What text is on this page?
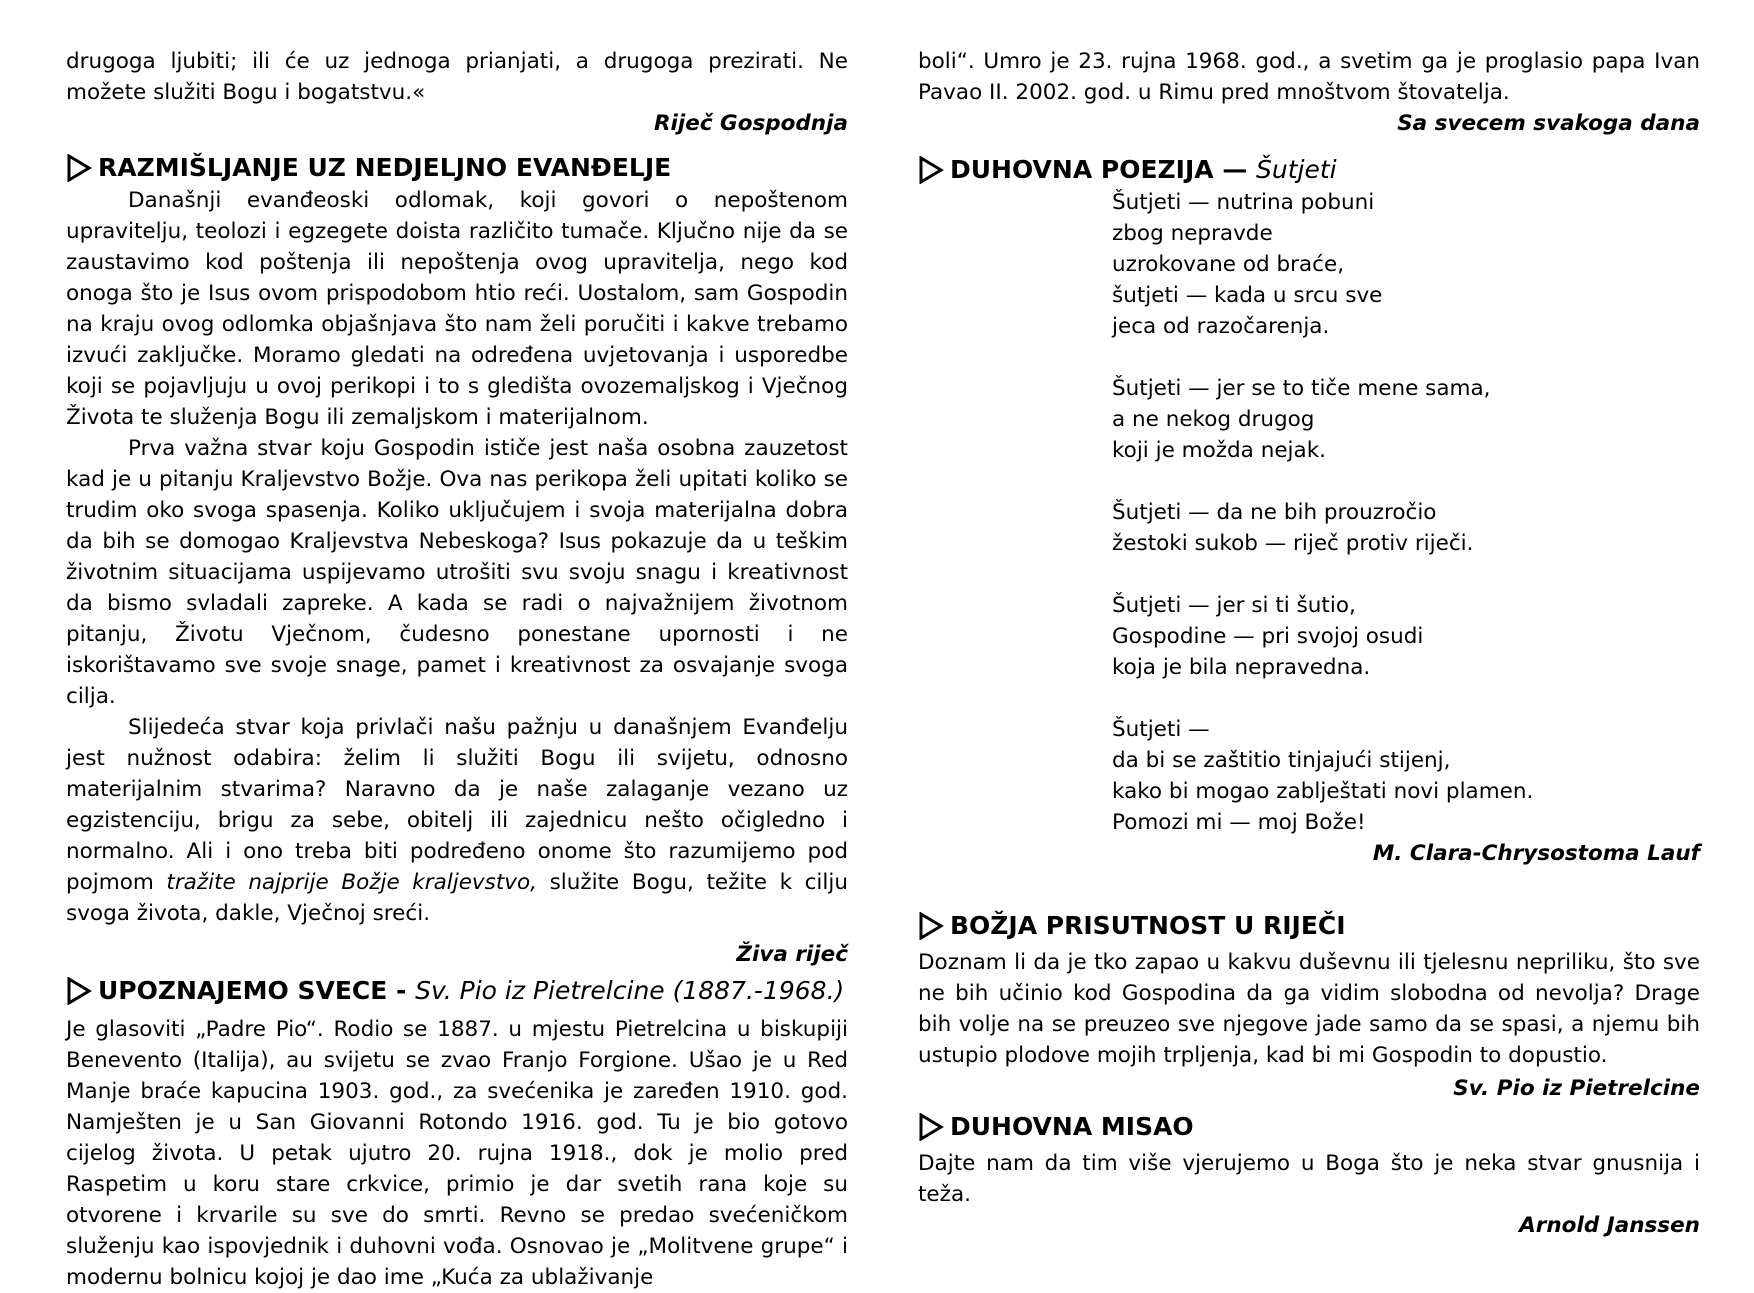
drugoga ljubiti; ili će uz jednoga prianjati, a drugoga prezirati. Ne možete služiti Bogu i bogatstvu.«

Riječ Gospodnja

RAZMIŠLJANJE UZ NEDJELJNO EVANĐELJE

Današnji evanđeoski odlomak, koji govori o nepoštenom upravitelju, teolozi i egzegete doista različito tumače. Ključno nije da se zaustavimo kod poštenja ili nepoštenja ovog upravitelja, nego kod onoga što je Isus ovom prispodobom htio reći. Uostalom, sam Gospodin na kraju ovog odlomka objašnjava što nam želi poručiti i kakve trebamo izvući zaključke. Moramo gledati na određena uvjetovanja i usporedbe koji se pojavljuju u ovoj perikopi i to s gledišta ovozemaljskog i Vječnog Života te služenja Bogu ili zemaljskom i materijalnom.

Prva važna stvar koju Gospodin ističe jest naša osobna zauzetost kad je u pitanju Kraljevstvo Božje. Ova nas perikopa želi upitati koliko se trudim oko svoga spasenja. Koliko uključujem i svoja materijalna dobra da bih se domogao Kraljevstva Nebeskoga? Isus pokazuje da u teškim životnim situacijama uspijevamo utrošiti svu svoju snagu i kreativnost da bismo svladali zapreke. A kada se radi o najvažnijem životnom pitanju, Životu Vječnom, čudesno ponestane upornosti i ne iskorištavamo sve svoje snage, pamet i kreativnost za osvajanje svoga cilja.

Slijedeća stvar koja privlači našu pažnju u današnjem Evanđelju jest nužnost odabira: želim li služiti Bogu ili svijetu, odnosno materijalnim stvarima? Naravno da je naše zalaganje vezano uz egzistenciju, brigu za sebe, obitelj ili zajednicu nešto očigledno i normalno. Ali i ono treba biti podređeno onome što razumijemo pod pojmom tražite najprije Božje kraljevstvo, služite Bogu, težite k cilju svoga života, dakle, Vječnoj sreći.

Živa riječ

UPOZNAJEMO SVECE - Sv. Pio iz Pietrelcine (1887.-1968.)

Je glasoviti „Padre Pio“. Rodio se 1887. u mjestu Pietrelcina u biskupiji Benevento (Italija), au svijetu se zvao Franjo Forgione. Ušao je u Red Manje braće kapucina 1903. god., za svećenika je zaređen 1910. god. Namješten je u San Giovanni Rotondo 1916. god. Tu je bio gotovo cijelog života. U petak ujutro 20. rujna 1918., dok je molio pred Raspetim u koru stare crkvice, primio je dar svetih rana koje su otvorene i krvarile su sve do smrti. Revno se predao svećeničkom služenju kao ispovjednik i duhovni vođa. Osnovao je „Molitvene grupe“ i modernu bolnicu kojoj je dao ime „Kuća za ublaživanje

boli“. Umro je 23. rujna 1968. god., a svetim ga je proglasio papa Ivan Pavao II. 2002. god. u Rimu pred mnoštvom štovatelja.

Sa svecem svakoga dana

DUHOVNA POEZIJA — Šutjeti
Šutjeti — nutrina pobuni
zbog nepravde
uzrokovane od braće,
šutjeti — kada u srcu sve
jeca od razočarenja.
Šutjeti — jer se to tiče mene sama,
a ne nekog drugog
koji je možda nejak.
Šutjeti — da ne bih prouzročio
žestoki sukob — riječ protiv riječi.
Šutjeti — jer si ti šutio,
Gospodine — pri svojoj osudi
koja je bila nepravedna.
Šutjeti —
da bi se zaštitio tinjajući stijenj,
kako bi mogao zablještati novi plamen.
Pomozi mi — moj Bože!

M. Clara-Chrysostoma Lauf

BOŽJA PRISUTNOST U RIJEČI

Doznam li da je tko zapao u kakvu duševnu ili tjelesnu nepriliku, što sve ne bih učinio kod Gospodina da ga vidim slobodna od nevolja? Drage bih volje na se preuzeo sve njegove jade samo da se spasi, a njemu bih ustupio plodove mojih trpljenja, kad bi mi Gospodin to dopustio.

Sv. Pio iz Pietrelcine

DUHOVNA MISAO

Dajte nam da tim više vjerujemo u Boga što je neka stvar gnusnija i teža.

Arnold Janssen
